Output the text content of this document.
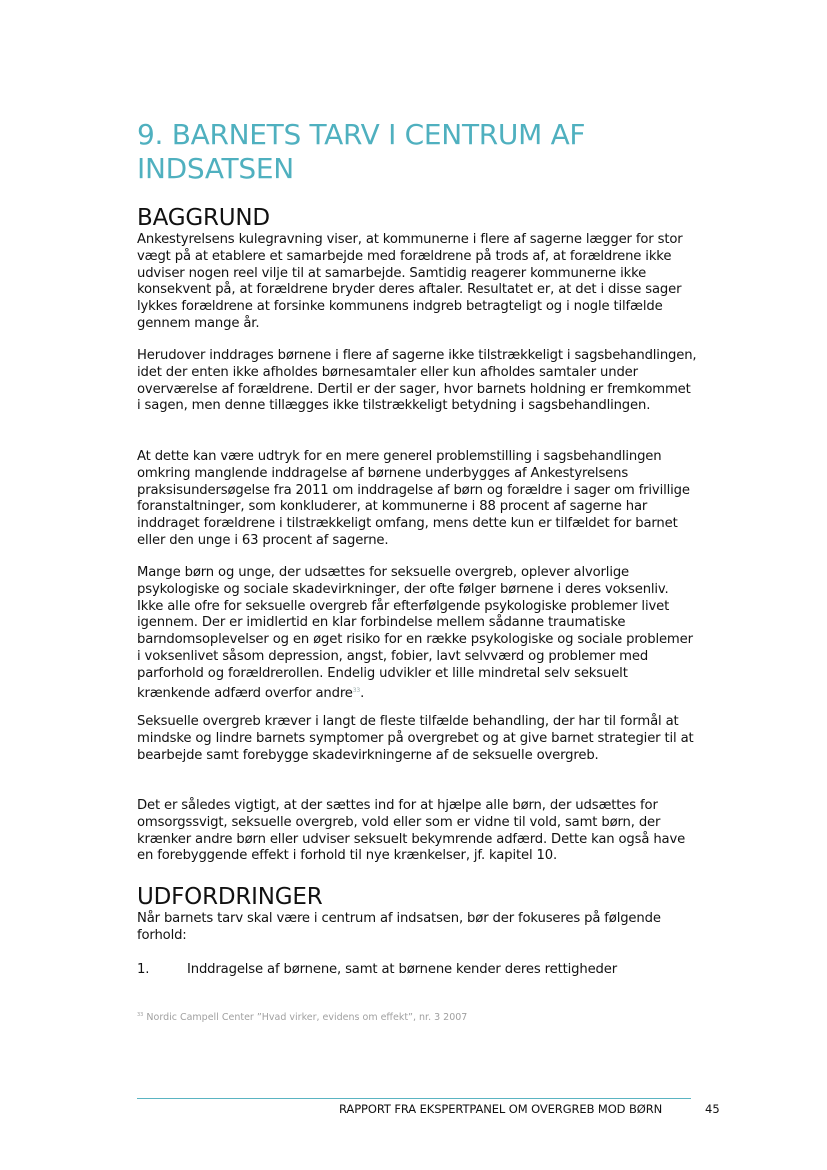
9. BARNETS TARV I CENTRUM AF INDSATSEN
BAGGRUND

Ankestyrelsens kulegravning viser, at kommunerne i flere af sagerne lægger for stor vægt på at etablere et samarbejde med forældrene på trods af, at forældrene ikke udviser nogen reel vilje til at samarbejde. Samtidig reagerer kommunerne ikke konsekvent på, at forældrene bryder deres aftaler. Resultatet er, at det i disse sager lykkes forældrene at forsinke kommunens indgreb betragteligt og i nogle tilfælde gennem mange år.

Herudover inddrages børnene i flere af sagerne ikke tilstrækkeligt i sagsbehandlingen, idet der enten ikke afholdes børnesamtaler eller kun afholdes samtaler under overværelse af forældrene. Dertil er der sager, hvor barnets holdning er fremkommet i sagen, men denne tillægges ikke tilstrækkeligt betydning i sagsbehandlingen.

At dette kan være udtryk for en mere generel problemstilling i sagsbehandlingen omkring manglende inddragelse af børnene underbygges af Ankestyrelsens praksisundersøgelse fra 2011 om inddragelse af børn og forældre i sager om frivillige foranstaltninger, som konkluderer, at kommunerne i 88 procent af sagerne har inddraget forældrene i tilstrækkeligt omfang, mens dette kun er tilfældet for barnet eller den unge i 63 procent af sagerne.

Mange børn og unge, der udsættes for seksuelle overgreb, oplever alvorlige psykologiske og sociale skadevirkninger, der ofte følger børnene i deres voksenliv. Ikke alle ofre for seksuelle overgreb får efterfølgende psykologiske problemer livet igennem. Der er imidlertid en klar forbindelse mellem sådanne traumatiske barndomsoplevelser og en øget risiko for en række psykologiske og sociale problemer i voksenlivet såsom depression, angst, fobier, lavt selvværd og problemer med parforhold og forældrerollen. Endelig udvikler et lille mindretal selv seksuelt krænkende adfærd overfor andre$^{33}$.

Seksuelle overgreb kræver i langt de fleste tilfælde behandling, der har til formål at mindske og lindre barnets symptomer på overgrebet og at give barnet strategier til at bearbejde samt forebygge skadevirkningerne af de seksuelle overgreb.

Det er således vigtigt, at der sættes ind for at hjælpe alle børn, der udsættes for omsorgssvigt, seksuelle overgreb, vold eller som er vidne til vold, samt børn, der krænker andre børn eller udviser seksuelt bekymrende adfærd. Dette kan også have en forebyggende effekt i forhold til nye krænkelser, jf. kapitel 10.

UDFORDRINGER

Når barnets tarv skal være i centrum af indsatsen, bør der fokuseres på følgende forhold:

1.	Inddragelse af børnene, samt at børnene kender deres rettigheder
$^{33}$ Nordic Campell Center ”Hvad virker, evidens om effekt”, nr. 3 2007
RAPPORT FRA EKSPERTPANEL OM OVERGREB MOD BØRN	45
